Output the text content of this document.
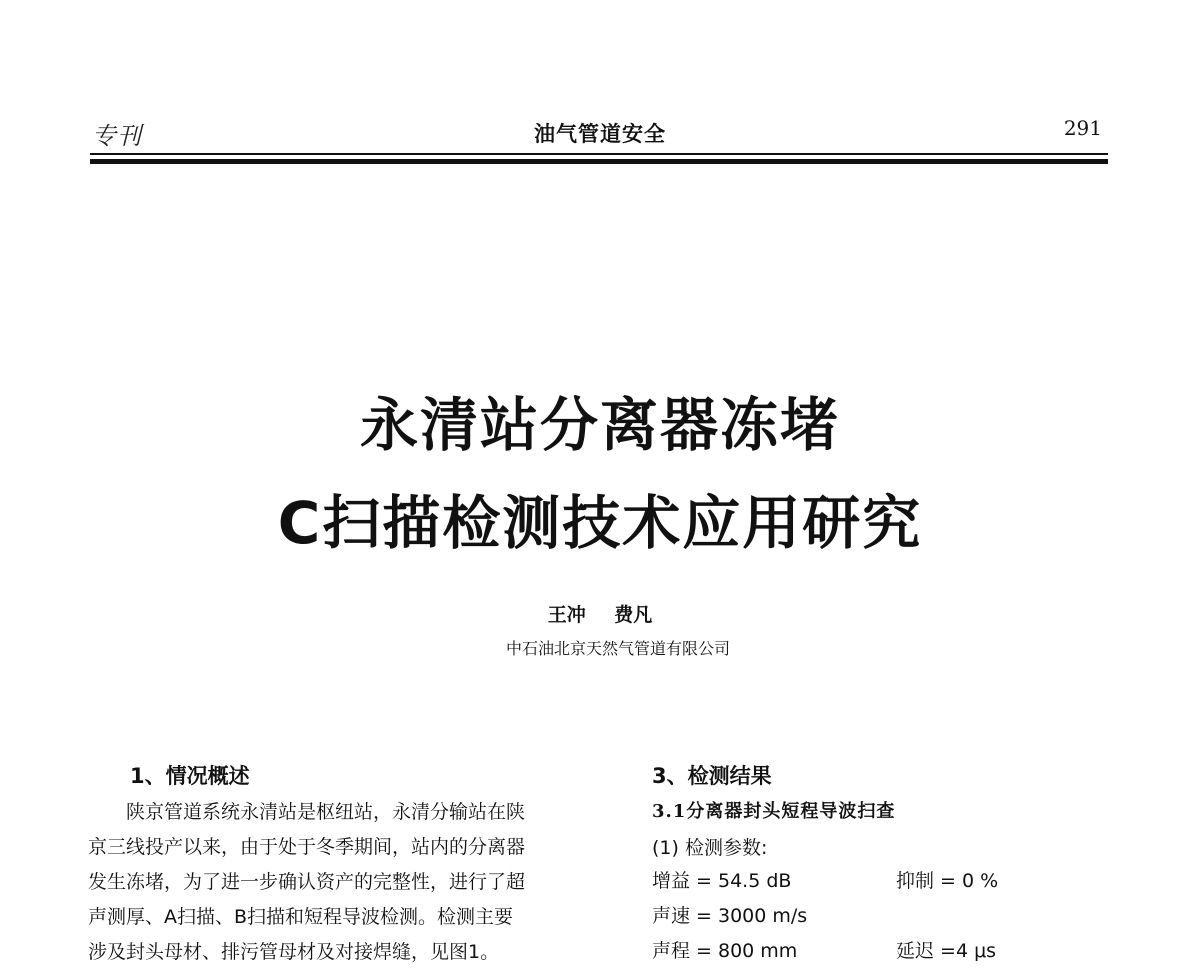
专刊	油气管道安全	291
永清站分离器冻堵
C扫描检测技术应用研究
王冲 费凡
中石油北京天然气管道有限公司
1、情况概述
　　陕京管道系统永清站是枢纽站，永清分输站在陕
京三线投产以来，由于处于冬季期间，站内的分离器
发生冻堵，为了进一步确认资产的完整性，进行了超
声测厚、A扫描、B扫描和短程导波检测。检测主要
涉及封头母材、排污管母材及对接焊缝，见图1。
3、检测结果
3.1分离器封头短程导波扫查
(1) 检测参数:
增益 = 54.5 dB	抑制 = 0 %
声速 = 3000 m/s
声程 = 800 mm	延迟 =4 μs
